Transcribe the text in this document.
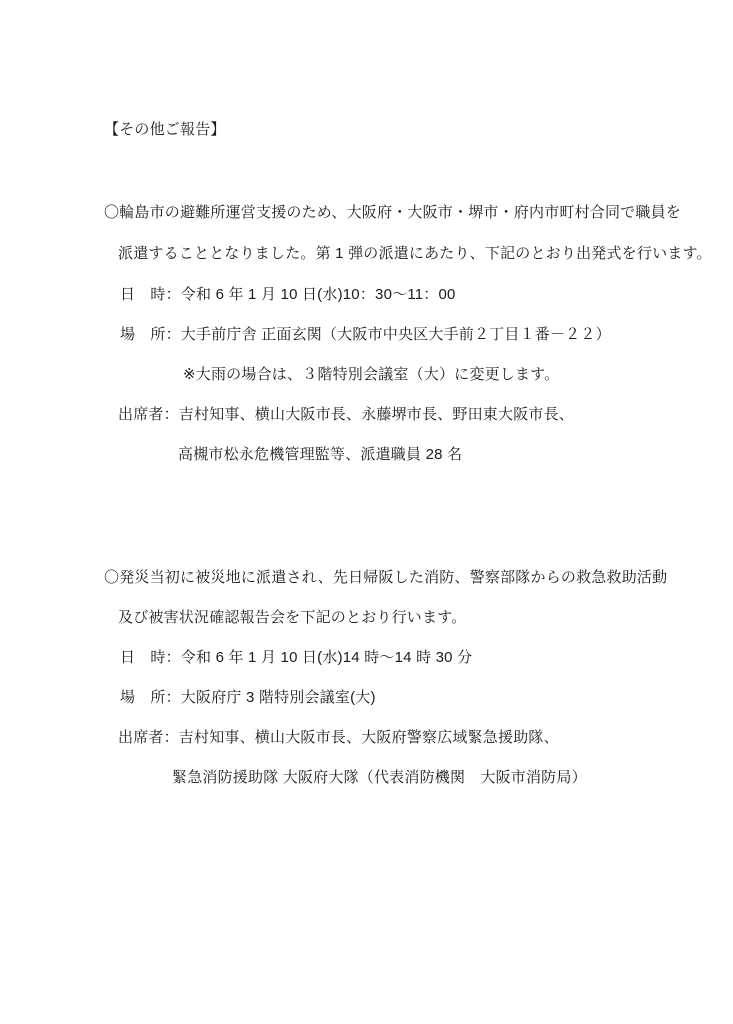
【その他ご報告】
〇輪島市の避難所運営支援のため、大阪府・大阪市・堺市・府内市町村合同で職員を
派遣することとなりました。第 1 弾の派遣にあたり、下記のとおり出発式を行います。
日　時：令和 6 年 1 月 10 日(水)10：30～11：00
場　所：大手前庁舎 正面玄関（大阪市中央区大手前２丁目１番－２２）
※大雨の場合は、３階特別会議室（大）に変更します。
出席者：吉村知事、横山大阪市長、永藤堺市長、野田東大阪市長、
高槻市松永危機管理監等、派遣職員 28 名
〇発災当初に被災地に派遣され、先日帰阪した消防、警察部隊からの救急救助活動
及び被害状況確認報告会を下記のとおり行います。
日　時：令和 6 年 1 月 10 日(水)14 時～14 時 30 分
場　所：大阪府庁 3 階特別会議室(大)
出席者：吉村知事、横山大阪市長、大阪府警察広域緊急援助隊、
緊急消防援助隊 大阪府大隊（代表消防機関　大阪市消防局）
